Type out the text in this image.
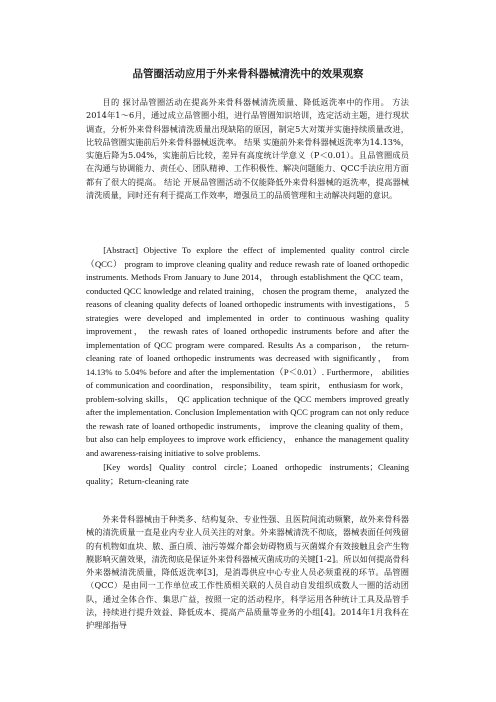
品管圈活动应用于外来骨科器械清洗中的效果观察

目的 探讨品管圈活动在提高外来骨科器械清洗质量、降低返洗率中的作用。 方法 2014年1～6月，通过成立品管圈小组，进行品管圈知识培训，选定活动主题，进行现状调查，分析外来骨科器械清洗质量出现缺陷的原因，制定5大对策并实施持续质量改进，比较品管圈实施前后外来骨科器械返洗率。 结果 实施前外来骨科器械返洗率为14.13%，实施后降为5.04%，实施前后比较，差异有高度统计学意义（P＜0.01）。且品管圈成员在沟通与协调能力、责任心、团队精神、工作积极性、解决问题能力、QCC手法应用方面都有了很大的提高。 结论 开展品管圈活动不仅能降低外来骨科器械的返洗率，提高器械清洗质量，同时还有利于提高工作效率，增强员工的品质管理和主动解决问题的意识。

[Abstract] Objective To explore the effect of implemented quality control circle（QCC） program to improve cleaning quality and reduce rewash rate of loaned orthopedic instruments. Methods From January to June 2014， through establishment the QCC team， conducted QCC knowledge and related training， chosen the program theme， analyzed the reasons of cleaning quality defects of loaned orthopedic instruments with investigations， 5 strategies were developed and implemented in order to continuous washing quality improvement， the rewash rates of loaned orthopedic instruments before and after the implementation of QCC program were compared. Results As a comparison， the return-cleaning rate of loaned orthopedic instruments was decreased with significantly， from 14.13% to 5.04% before and after the implementation（P＜0.01）. Furthermore， abilities of communication and coordination， responsibility， team spirit， enthusiasm for work， problem-solving skills， QC application technique of the QCC members improved greatly after the implementation. Conclusion Implementation with QCC program can not only reduce the rewash rate of loaned orthopedic instruments， improve the cleaning quality of them， but also can help employees to improve work efficiency， enhance the management quality and awareness-raising initiative to solve problems.

[Key words] Quality control circle；Loaned orthopedic instruments；Cleaning quality；Return-cleaning rate

外来骨科器械由于种类多、结构复杂、专业性强、且医院间流动频繁，故外来骨科器械的清洗质量一直是业内专业人员关注的对象。外来器械清洗不彻底，器械表面任何残留的有机物如血块、脓、蛋白质、油污等媒介都会妨碍物质与灭菌媒介有效接触且会产生物膜影响灭菌效果，清洗彻底是保证外来骨科器械灭菌成功的关键[1-2]。所以如何提高骨科外来器械清洗质量，降低返洗率[3]，是消毒供应中心专业人员必须重视的环节。品管圈（QCC）是由同一工作单位或工作性质相关联的人员自动自发组织成数人一圈的活动团队，通过全体合作、集思广益，按照一定的活动程序，科学运用各种统计工具及品管手法，持续进行提升效益、降低成本、提高产品质量等业务的小组[4]。2014年1月我科在护理部指导
